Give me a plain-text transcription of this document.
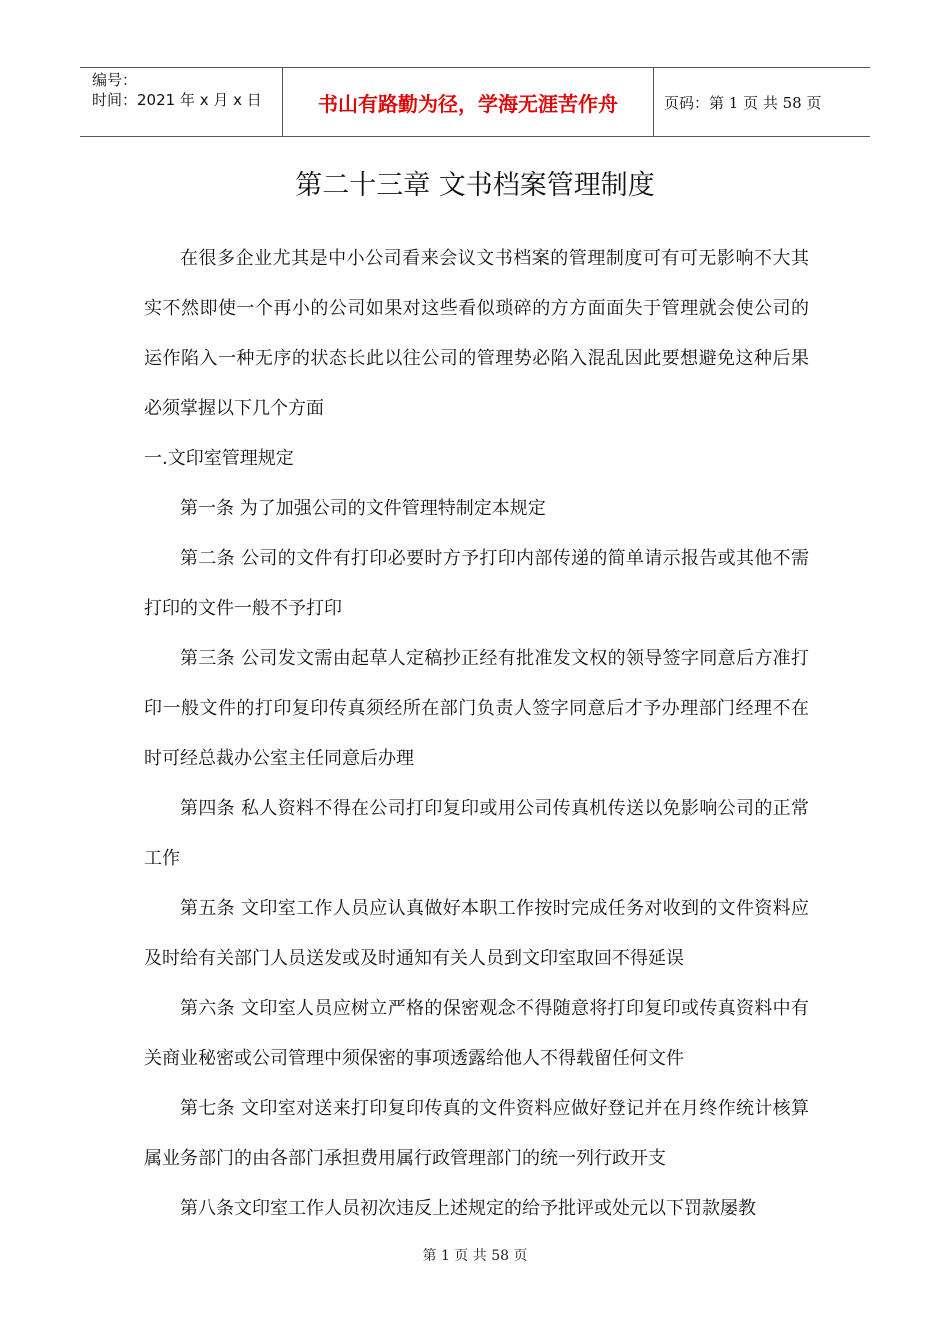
编号：
时间：2021 年 x 月 x 日	书山有路勤为径，学海无涯苦作舟	页码：第 1 页 共 58 页
第二十三章 文书档案管理制度

在很多企业尤其是中小公司看来会议文书档案的管理制度可有可无影响不大其实不然即使一个再小的公司如果对这些看似琐碎的方方面面失于管理就会使公司的运作陷入一种无序的状态长此以往公司的管理势必陷入混乱因此要想避免这种后果必须掌握以下几个方面

一.文印室管理规定

第一条 为了加强公司的文件管理特制定本规定

第二条 公司的文件有打印必要时方予打印内部传递的简单请示报告或其他不需打印的文件一般不予打印

第三条 公司发文需由起草人定稿抄正经有批准发文权的领导签字同意后方准打印一般文件的打印复印传真须经所在部门负责人签字同意后才予办理部门经理不在时可经总裁办公室主任同意后办理

第四条 私人资料不得在公司打印复印或用公司传真机传送以免影响公司的正常工作

第五条 文印室工作人员应认真做好本职工作按时完成任务对收到的文件资料应及时给有关部门人员送发或及时通知有关人员到文印室取回不得延误

第六条 文印室人员应树立严格的保密观念不得随意将打印复印或传真资料中有关商业秘密或公司管理中须保密的事项透露给他人不得载留任何文件

第七条 文印室对送来打印复印传真的文件资料应做好登记并在月终作统计核算属业务部门的由各部门承担费用属行政管理部门的统一列行政开支

第八条文印室工作人员初次违反上述规定的给予批评或处元以下罚款屡教

第 1 页 共 58 页
